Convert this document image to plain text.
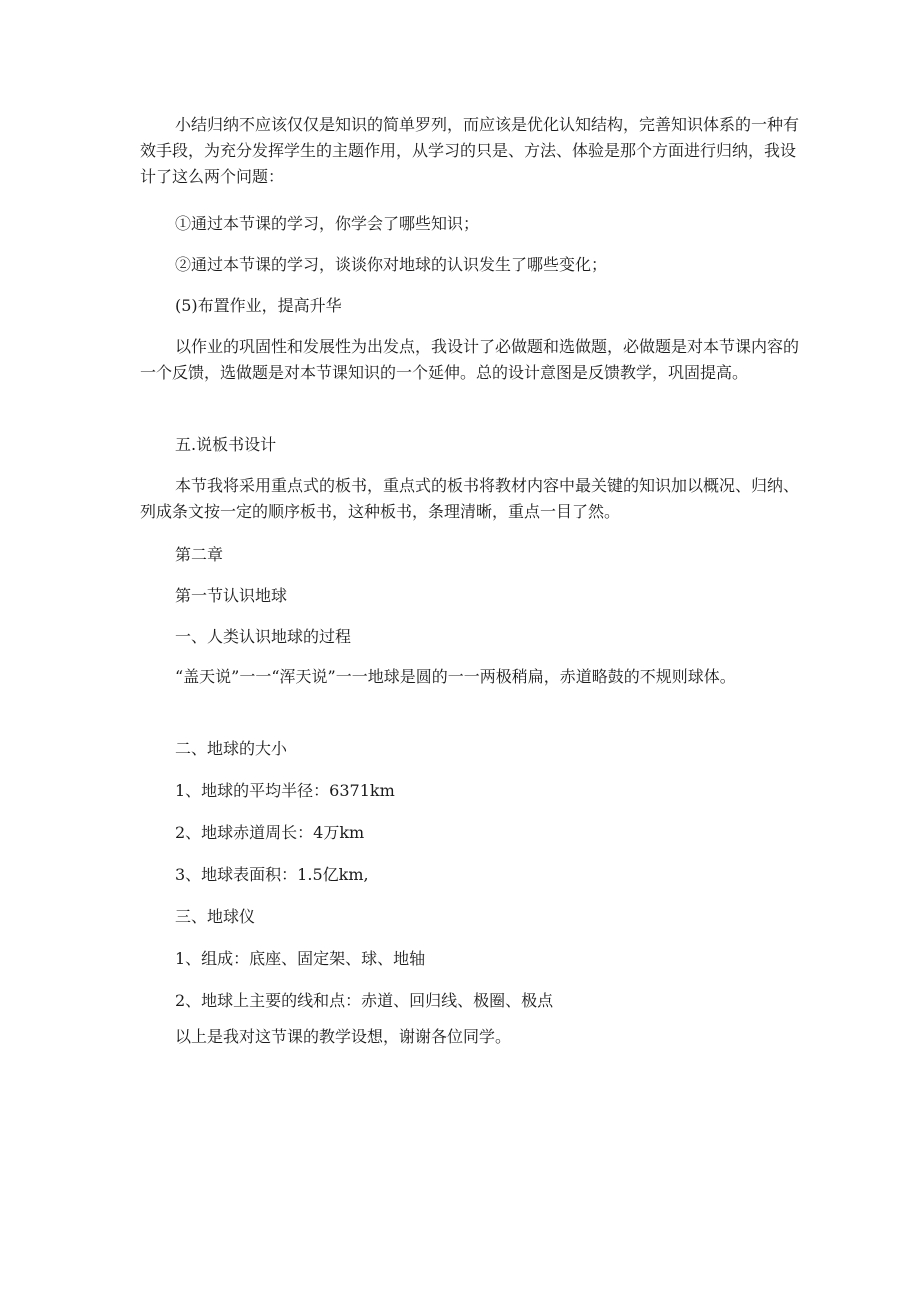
小结归纳不应该仅仅是知识的简单罗列，而应该是优化认知结构，完善知识体系的一种有效手段，为充分发挥学生的主题作用，从学习的只是、方法、体验是那个方面进行归纳，我设计了这么两个问题：

①通过本节课的学习，你学会了哪些知识；

②通过本节课的学习，谈谈你对地球的认识发生了哪些变化；

(5)布置作业，提高升华

以作业的巩固性和发展性为出发点，我设计了必做题和选做题，必做题是对本节课内容的一个反馈，选做题是对本节课知识的一个延伸。总的设计意图是反馈教学，巩固提高。

五.说板书设计

本节我将采用重点式的板书，重点式的板书将教材内容中最关键的知识加以概况、归纳、列成条文按一定的顺序板书，这种板书，条理清晰，重点一目了然。

第二章

第一节认识地球

一、人类认识地球的过程

“盖天说”一一“浑天说”一一地球是圆的一一两极稍扁，赤道略鼓的不规则球体。

二、地球的大小

1、地球的平均半径：6371km

2、地球赤道周长：4万km

3、地球表面积：1.5亿km,

三、地球仪

1、组成：底座、固定架、球、地轴

2、地球上主要的线和点：赤道、回归线、极圈、极点

以上是我对这节课的教学设想，谢谢各位同学。
